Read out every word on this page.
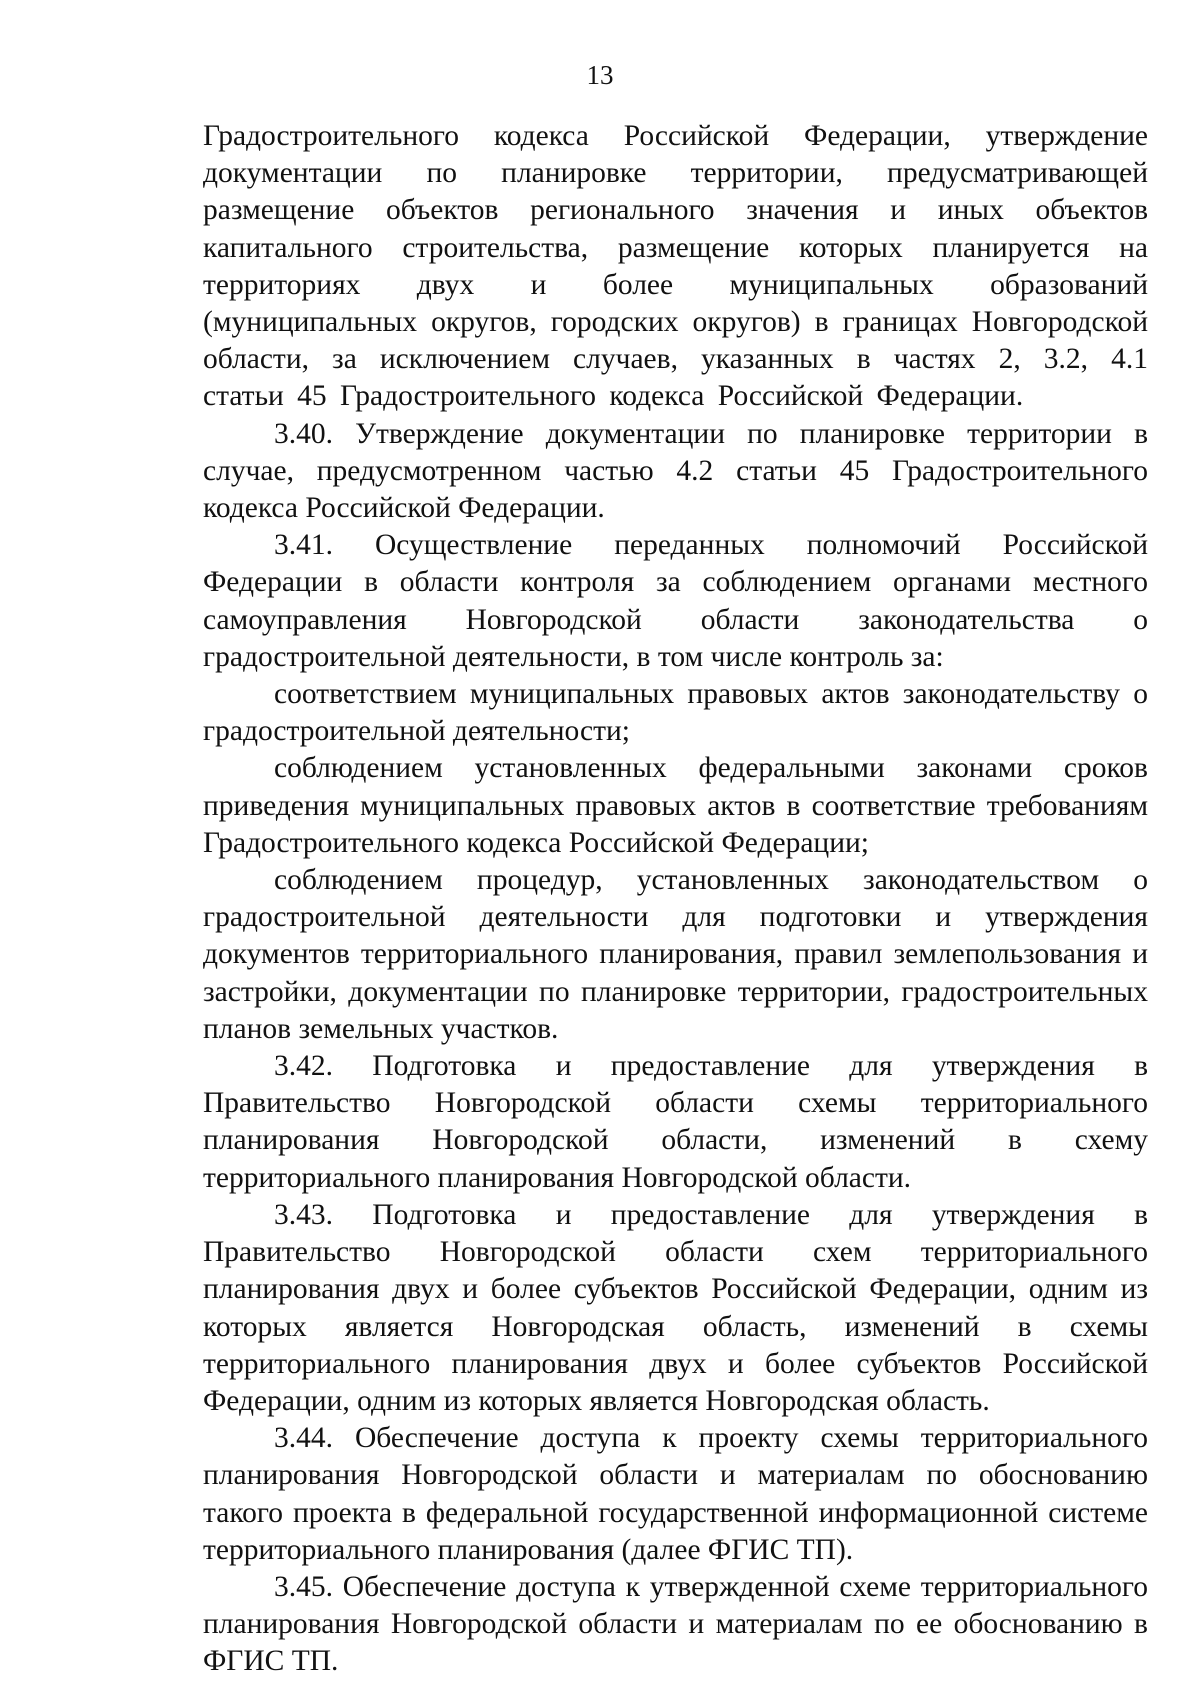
13

Градостроительного кодекса Российской Федерации, утверждение документации по планировке территории, предусматривающей размещение объектов регионального значения и иных объектов капитального строительства, размещение которых планируется на территориях двух и более муниципальных образований (муниципальных округов, городских округов) в границах Новгородской области, за исключением случаев, указанных в частях 2, 3.2, 4.1 статьи 45 Градостроительного кодекса Российской Федерации.

3.40. Утверждение документации по планировке территории в случае, предусмотренном частью 4.2 статьи 45 Градостроительного кодекса Российской Федерации.

3.41. Осуществление переданных полномочий Российской Федерации в области контроля за соблюдением органами местного самоуправления Новгородской области законодательства о градостроительной деятельности, в том числе контроль за:

соответствием муниципальных правовых актов законодательству о градостроительной деятельности;

соблюдением установленных федеральными законами сроков приведения муниципальных правовых актов в соответствие требованиям Градостроительного кодекса Российской Федерации;

соблюдением процедур, установленных законодательством о градостроительной деятельности для подготовки и утверждения документов территориального планирования, правил землепользования и застройки, документации по планировке территории, градостроительных планов земельных участков.

3.42. Подготовка и предоставление для утверждения в Правительство Новгородской области схемы территориального планирования Новгородской области, изменений в схему территориального планирования Новгородской области.

3.43. Подготовка и предоставление для утверждения в Правительство Новгородской области схем территориального планирования двух и более субъектов Российской Федерации, одним из которых является Новгородская область, изменений в схемы территориального планирования двух и более субъектов Российской Федерации, одним из которых является Новгородская область.

3.44. Обеспечение доступа к проекту схемы территориального планирования Новгородской области и материалам по обоснованию такого проекта в федеральной государственной информационной системе территориального планирования (далее ФГИС ТП).

3.45. Обеспечение доступа к утвержденной схеме территориального планирования Новгородской области и материалам по ее обоснованию в ФГИС ТП.
